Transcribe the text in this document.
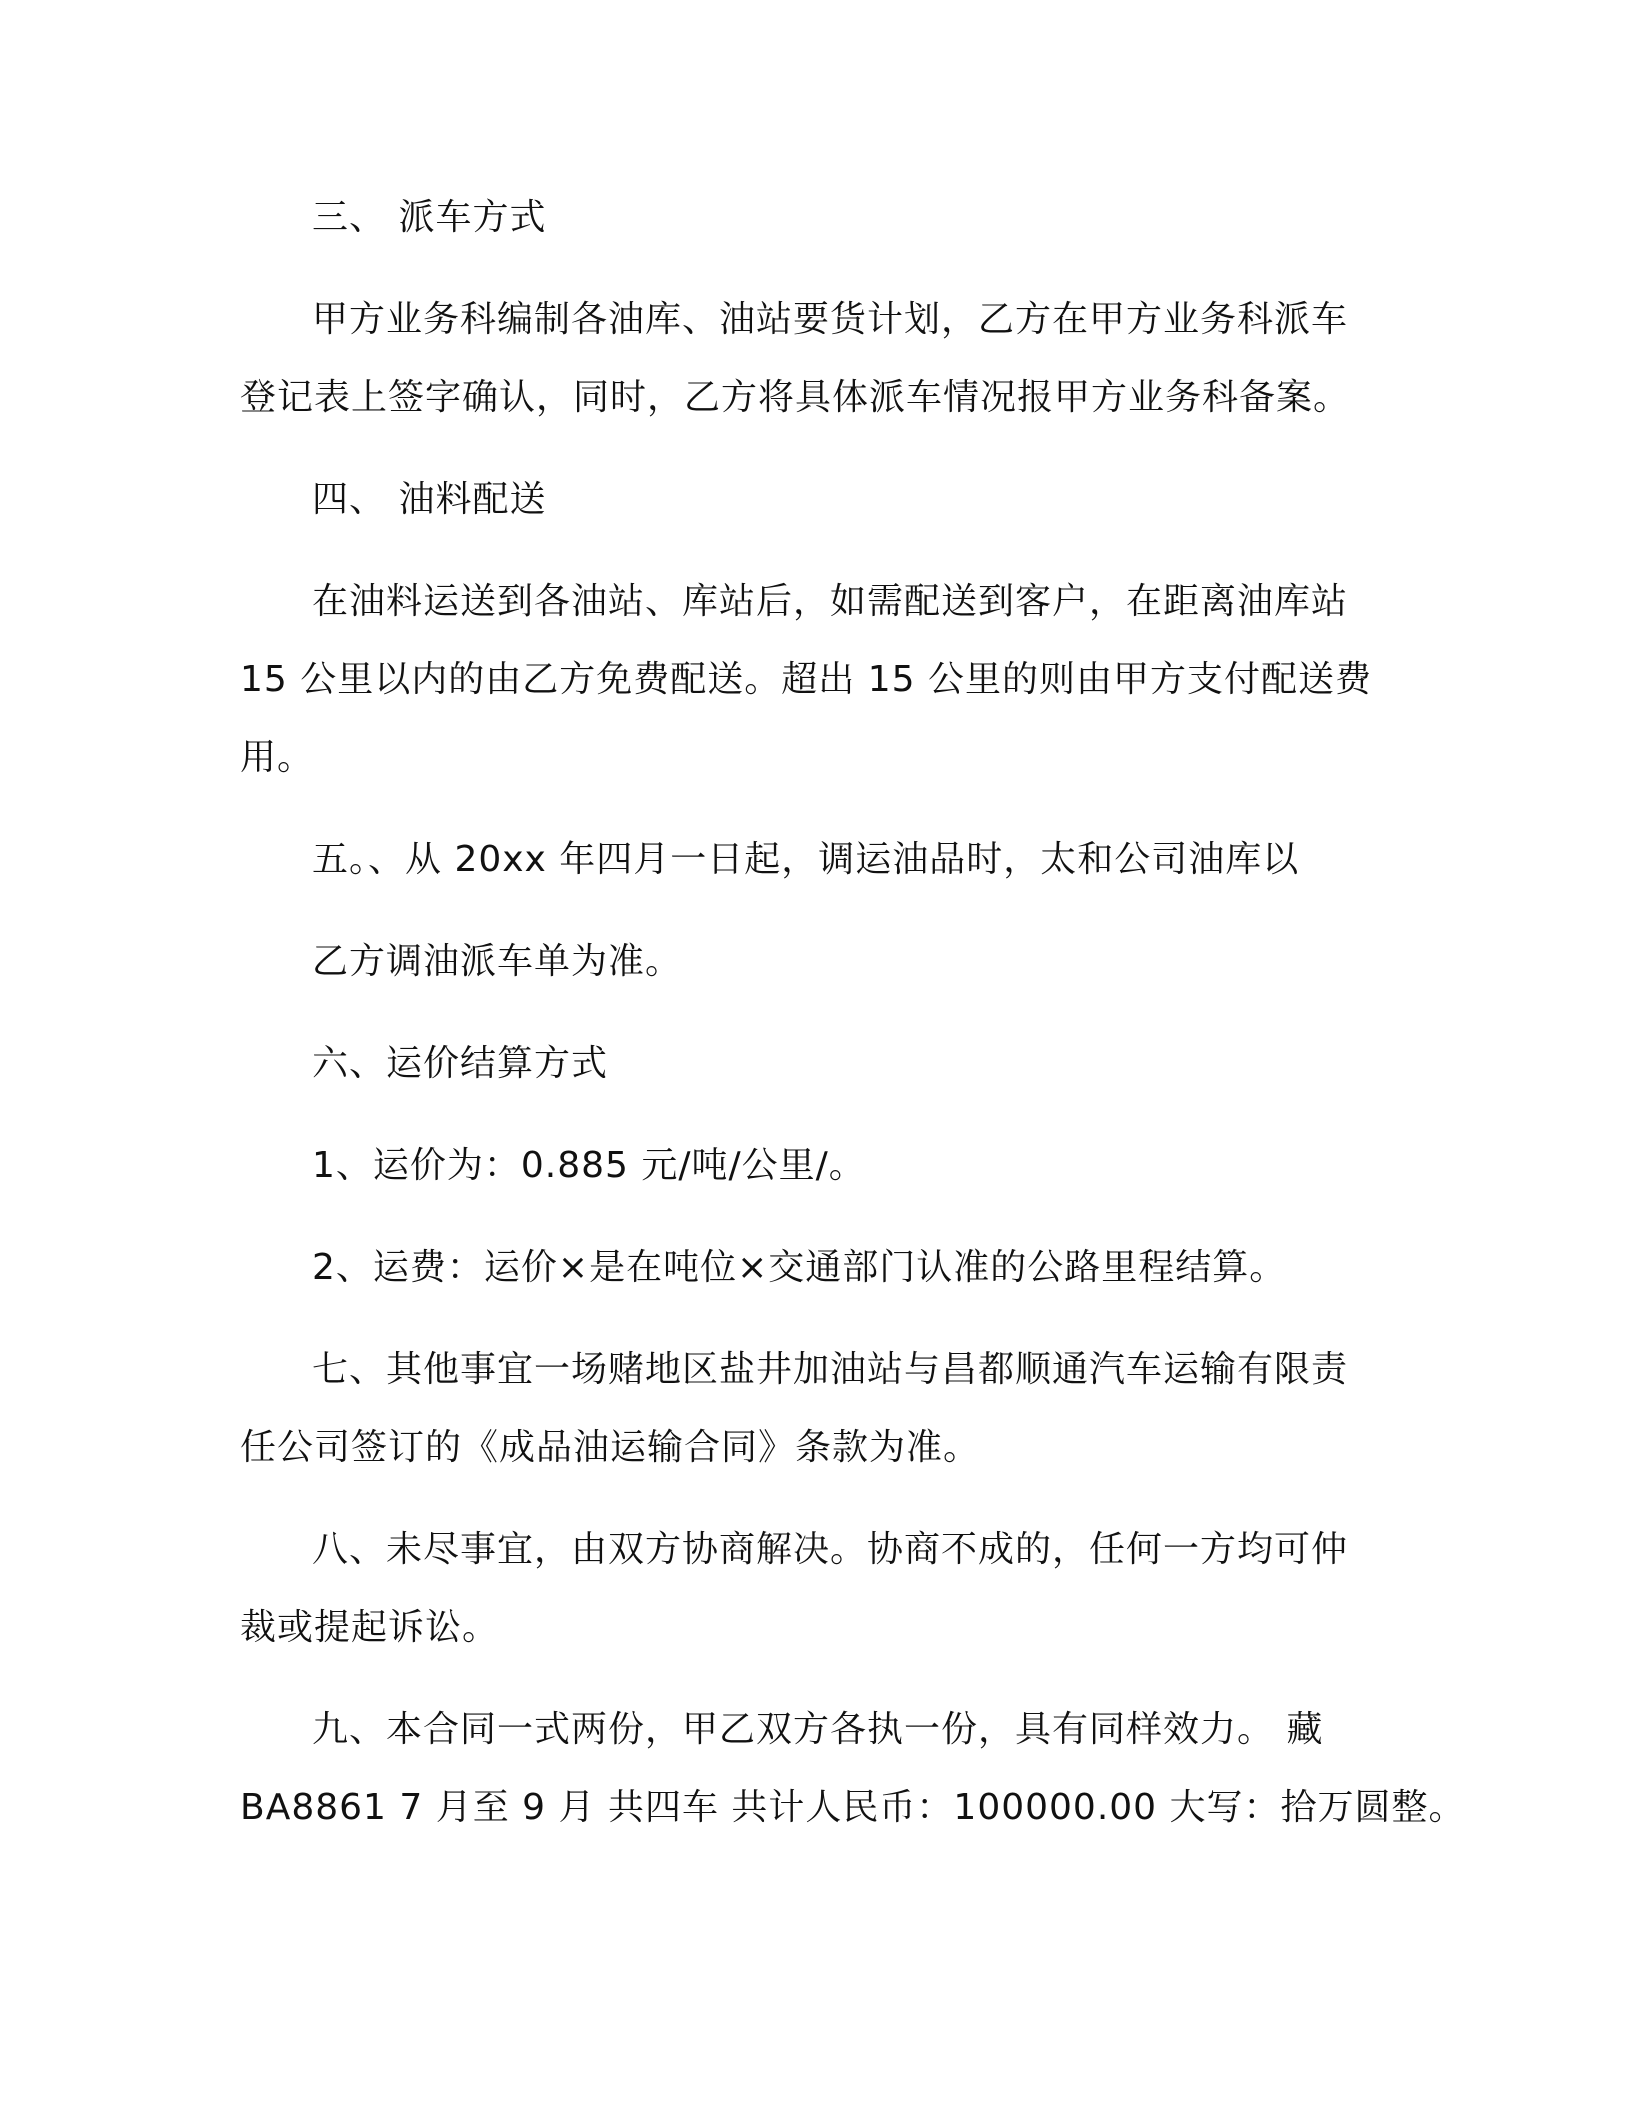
三、 派车方式

甲方业务科编制各油库、油站要货计划，乙方在甲方业务科派车

登记表上签字确认，同时，乙方将具体派车情况报甲方业务科备案。

四、 油料配送

在油料运送到各油站、库站后，如需配送到客户，在距离油库站

15 公里以内的由乙方免费配送。超出 15 公里的则由甲方支付配送费

用。

五。、从 20xx 年四月一日起，调运油品时，太和公司油库以

乙方调油派车单为准。

六、运价结算方式

1、运价为：0.885 元/吨/公里/。

2、运费：运价×是在吨位×交通部门认准的公路里程结算。

七、其他事宜一场赌地区盐井加油站与昌都顺通汽车运输有限责

任公司签订的《成品油运输合同》条款为准。

八、未尽事宜，由双方协商解决。协商不成的，任何一方均可仲

裁或提起诉讼。

九、本合同一式两份，甲乙双方各执一份，具有同样效力。 藏

BA8861 7 月至 9 月 共四车 共计人民币：100000.00 大写：拾万圆整。
